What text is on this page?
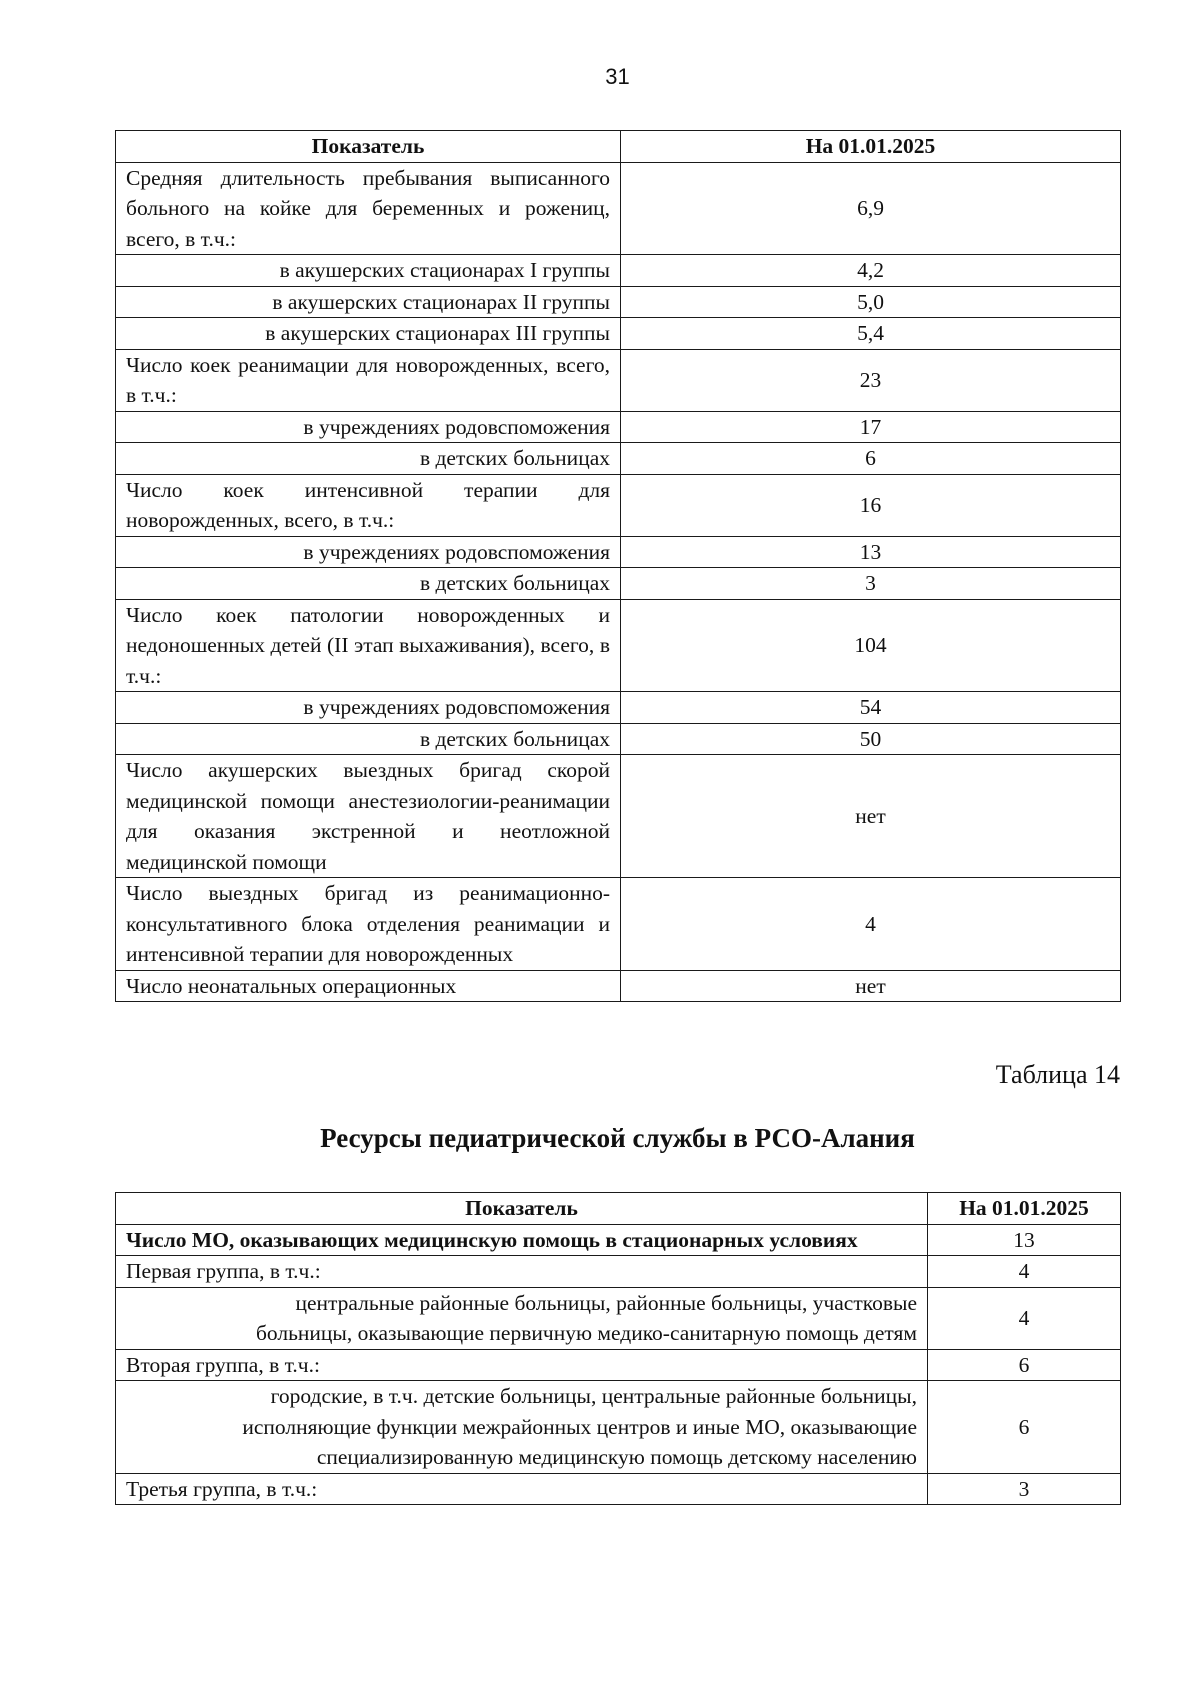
31
Показатель	На 01.01.2025
Средняя длительность пребывания выписанного больного на койке для беременных и рожениц, всего, в т.ч.:	6,9
в акушерских стационарах I группы	4,2
в акушерских стационарах II группы	5,0
в акушерских стационарах III группы	5,4
Число коек реанимации для новорожденных, всего, в т.ч.:	23
в учреждениях родовспоможения	17
в детских больницах	6
Число коек интенсивной терапии для новорожденных, всего, в т.ч.:	16
в учреждениях родовспоможения	13
в детских больницах	3
Число коек патологии новорожденных и недоношенных детей (II этап выхаживания), всего, в т.ч.:	104
в учреждениях родовспоможения	54
в детских больницах	50
Число акушерских выездных бригад скорой медицинской помощи анестезиологии-реанимации для оказания экстренной и неотложной медицинской помощи	нет
Число выездных бригад из реанимационно-консультативного блока отделения реанимации и интенсивной терапии для новорожденных	4
Число неонатальных операционных	нет
Таблица 14
Ресурсы педиатрической службы в РСО-Алания
Показатель	На 01.01.2025
Число МО, оказывающих медицинскую помощь в стационарных условиях	13
Первая группа, в т.ч.:	4
центральные районные больницы, районные больницы, участковые больницы, оказывающие первичную медико-санитарную помощь детям	4
Вторая группа, в т.ч.:	6
городские, в т.ч. детские больницы, центральные районные больницы, исполняющие функции межрайонных центров и иные МО, оказывающие специализированную медицинскую помощь детскому населению	6
Третья группа, в т.ч.:	3
